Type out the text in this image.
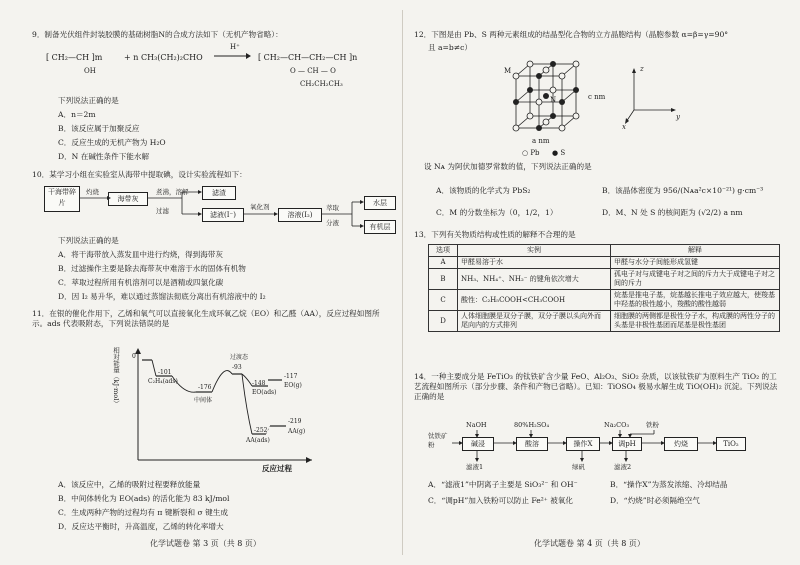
9．制备光伏组件封装胶膜的基础树脂N的合成方法如下（无机产物省略）：
[ CH₂—CH ]m
OH
+ n CH₃(CH₂)₂CHO
H⁺
[ CH₂—CH—CH₂—CH ]n
O — CH — O
CH₂CH₂CH₃
下列说法正确的是
A．n＝2m
B．该反应属于加聚反应
C．反应生成的无机产物为 H₂O
D．N 在碱性条件下能水解
10．某学习小组在实验室从海带中提取碘，设计实验流程如下：
干海带碎片
灼烧
海带灰
煮沸，溶解
过滤
滤渣
滤液(I⁻)
氧化剂
溶液(I₂)
萃取
分液
水层
有机层
下列说法正确的是
A．将干海带放入蒸发皿中进行灼烧，得到海带灰
B．过滤操作主要是除去海带灰中难溶于水的固体有机物
C．萃取过程所用有机溶剂可以是酒精或四氯化碳
D．因 I₂ 易升华，难以通过蒸馏法彻底分离出有机溶液中的 I₂
11．在银的催化作用下，乙烯和氧气可以直接氧化生成环氧乙烷（EO）和乙醛（AA），反应过程如图所示。ads 代表吸附态，下列说法错误的是
相对能量（kJ·mol） 0
-101
C₂H₄(ads)
-176
中间体
过渡态
-93
-148
EO(ads)
-117
EO(g)
-252
AA(ads)
-219
AA(g)
反应过程
A．该反应中，乙烯的吸附过程要释放能量
B．中间体转化为 EO(ads) 的活化能为 83 kJ/mol
C．生成两种产物的过程均有 π 键断裂和 σ 键生成
D．反应达平衡时，升高温度，乙烯的转化率增大
化学试题卷 第 3 页（共 8 页）
12．下图是由 Pb、S 两种元素组成的结晶型化合物的立方晶胞结构（晶胞参数 α=β=γ=90°
且 a=b≠c）
M
N	c nm
a nm
○ Pb ● S
z
y
x
设 Nᴀ 为阿伏加德罗常数的值，下列说法正确的是
A．该物质的化学式为 PbS₂	B．该晶体密度为 956/(Nᴀa²c×10⁻²¹) g·cm⁻³
C．M 的分数坐标为（0，1/2，1）	D．M、N 处 S 的核间距为 (√2/2) a nm
13．下列有关物质结构或性质的解释不合理的是
选项	实例	解释
A	甲醛易溶于水	甲醛与水分子间能形成氢键
B	NH₃、NH₄⁺、NH₂⁻ 的键角依次增大	孤电子对与成键电子对之间的斥力大于成键电子对之间的斥力
C	酸性：C₂H₅COOH<CH₃COOH	烷基是推电子基，烷基越长推电子效应越大，使羧基中羟基的极性越小，羧酸的酸性越弱
D	人体细胞膜是双分子膜，双分子膜以头向外而尾向内的方式排列	细胞膜的两侧都是极性分子水，构成膜的两性分子的头基是非极性基团而尾基是极性基团
14．一种主要成分是 FeTiO₃ 的钛铁矿含少量 FeO、Al₂O₃、SiO₂ 杂质，以该钛铁矿为原料生产 TiO₂ 的工艺流程如图所示（部分步骤、条件和产物已省略）。已知：TiOSO₄ 极易水解生成 TiO(OH)₂ 沉淀。下列说法正确的是
钛铁矿粉
NaOH	80%H₂SO₄	Na₂CO₃	铁粉
碱浸	酸溶	操作X	调pH	灼烧	TiO₂
滤液1	绿矾	滤液2
A．“滤液1”中阴离子主要是 SiO₃²⁻ 和 OH⁻	B．“操作X”为蒸发浓缩、冷却结晶
C．“调pH”加入铁粉可以防止 Fe²⁺ 被氧化	D．“灼烧”时必须隔绝空气
化学试题卷 第 4 页（共 8 页）
